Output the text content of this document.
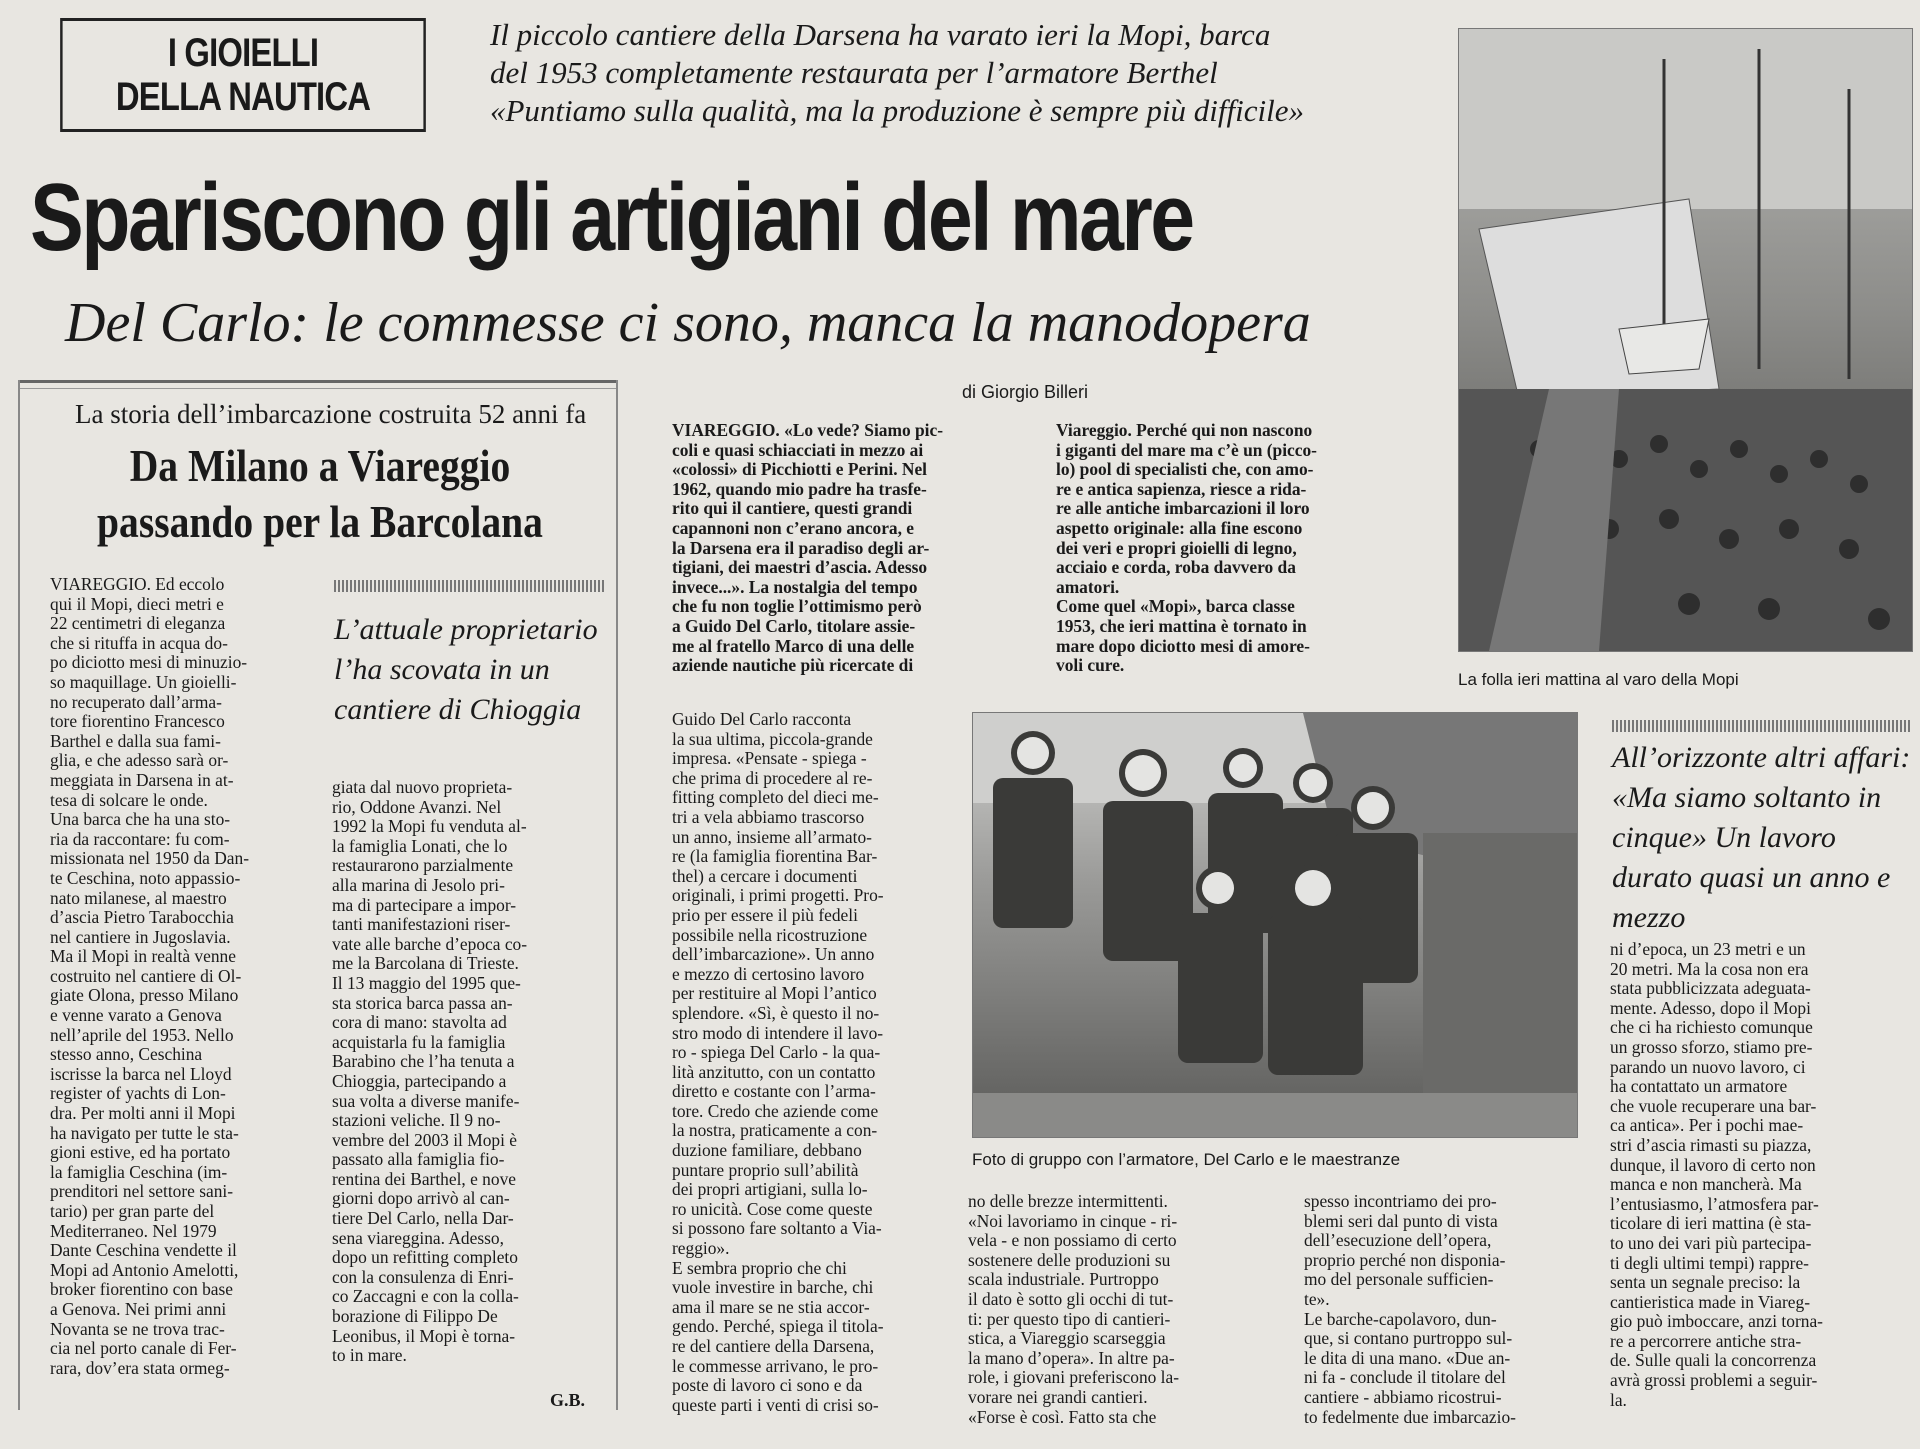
I GIOIELLI
DELLA NAUTICA
Il piccolo cantiere della Darsena ha varato ieri la Mopi, barca
del 1953 completamente restaurata per l’armatore Berthel
«Puntiamo sulla qualità, ma la produzione è sempre più difficile»
Spariscono gli artigiani del mare
Del Carlo: le commesse ci sono, manca la manodopera
La folla ieri mattina al varo della Mopi
di Giorgio Billeri
La storia dell’imbarcazione costruita 52 anni fa
Da Milano a Viareggio
passando per la Barcolana

VIAREGGIO. Ed eccolo

qui il Mopi, dieci metri e

22 centimetri di eleganza

che si rituffa in acqua do-

po diciotto mesi di minuzio-

so maquillage. Un gioielli-

no recuperato dall’arma-

tore fiorentino Francesco

Barthel e dalla sua fami-

glia, e che adesso sarà or-

meggiata in Darsena in at-

tesa di solcare le onde.

Una barca che ha una sto-

ria da raccontare: fu com-

missionata nel 1950 da Dan-

te Ceschina, noto appassio-

nato milanese, al maestro

d’ascia Pietro Tarabocchia

nel cantiere in Jugoslavia.

Ma il Mopi in realtà venne

costruito nel cantiere di Ol-

giate Olona, presso Milano

e venne varato a Genova

nell’aprile del 1953. Nello

stesso anno, Ceschina

iscrisse la barca nel Lloyd

register of yachts di Lon-

dra. Per molti anni il Mopi

ha navigato per tutte le sta-

gioni estive, ed ha portato

la famiglia Ceschina (im-

prenditori nel settore sani-

tario) per gran parte del

Mediterraneo. Nel 1979

Dante Ceschina vendette il

Mopi ad Antonio Amelotti,

broker fiorentino con base

a Genova. Nei primi anni

Novanta se ne trova trac-

cia nel porto canale di Fer-

rara, dov’era stata ormeg-

L’attuale proprietario l’ha scovata in un cantiere di Chioggia

giata dal nuovo proprieta-

rio, Oddone Avanzi. Nel

1992 la Mopi fu venduta al-

la famiglia Lonati, che lo

restaurarono parzialmente

alla marina di Jesolo pri-

ma di partecipare a impor-

tanti manifestazioni riser-

vate alle barche d’epoca co-

me la Barcolana di Trieste.

Il 13 maggio del 1995 que-

sta storica barca passa an-

cora di mano: stavolta ad

acquistarla fu la famiglia

Barabino che l’ha tenuta a

Chioggia, partecipando a

sua volta a diverse manife-

stazioni veliche. Il 9 no-

vembre del 2003 il Mopi è

passato alla famiglia fio-

rentina dei Barthel, e nove

giorni dopo arrivò al can-

tiere Del Carlo, nella Dar-

sena viareggina. Adesso,

dopo un refitting completo

con la consulenza di Enri-

co Zaccagni e con la colla-

borazione di Filippo De

Leonibus, il Mopi è torna-

to in mare.

G.B.

VIAREGGIO. «Lo vede? Siamo pic-

coli e quasi schiacciati in mezzo ai

«colossi» di Picchiotti e Perini. Nel

1962, quando mio padre ha trasfe-

rito qui il cantiere, questi grandi

capannoni non c’erano ancora, e

la Darsena era il paradiso degli ar-

tigiani, dei maestri d’ascia. Adesso

invece...». La nostalgia del tempo

che fu non toglie l’ottimismo però

a Guido Del Carlo, titolare assie-

me al fratello Marco di una delle

aziende nautiche più ricercate di

Viareggio. Perché qui non nascono

i giganti del mare ma c’è un (picco-

lo) pool di specialisti che, con amo-

re e antica sapienza, riesce a rida-

re alle antiche imbarcazioni il loro

aspetto originale: alla fine escono

dei veri e propri gioielli di legno,

acciaio e corda, roba davvero da

amatori.

Come quel «Mopi», barca classe

1953, che ieri mattina è tornato in

mare dopo diciotto mesi di amore-

voli cure.

Guido Del Carlo racconta

la sua ultima, piccola-grande

impresa. «Pensate - spiega -

che prima di procedere al re-

fitting completo del dieci me-

tri a vela abbiamo trascorso

un anno, insieme all’armato-

re (la famiglia fiorentina Bar-

thel) a cercare i documenti

originali, i primi progetti. Pro-

prio per essere il più fedeli

possibile nella ricostruzione

dell’imbarcazione». Un anno

e mezzo di certosino lavoro

per restituire al Mopi l’antico

splendore. «Sì, è questo il no-

stro modo di intendere il lavo-

ro - spiega Del Carlo - la qua-

lità anzitutto, con un contatto

diretto e costante con l’arma-

tore. Credo che aziende come

la nostra, praticamente a con-

duzione familiare, debbano

puntare proprio sull’abilità

dei propri artigiani, sulla lo-

ro unicità. Cose come queste

si possono fare soltanto a Via-

reggio».

E sembra proprio che chi

vuole investire in barche, chi

ama il mare se ne stia accor-

gendo. Perché, spiega il titola-

re del cantiere della Darsena,

le commesse arrivano, le pro-

poste di lavoro ci sono e da

queste parti i venti di crisi so-

Foto di gruppo con l’armatore, Del Carlo e le maestranze

no delle brezze intermittenti.

«Noi lavoriamo in cinque - ri-

vela - e non possiamo di certo

sostenere delle produzioni su

scala industriale. Purtroppo

il dato è sotto gli occhi di tut-

ti: per questo tipo di cantieri-

stica, a Viareggio scarseggia

la mano d’opera». In altre pa-

role, i giovani preferiscono la-

vorare nei grandi cantieri.

«Forse è così. Fatto sta che

spesso incontriamo dei pro-

blemi seri dal punto di vista

dell’esecuzione dell’opera,

proprio perché non disponia-

mo del personale sufficien-

te».

Le barche-capolavoro, dun-

que, si contano purtroppo sul-

le dita di una mano. «Due an-

ni fa - conclude il titolare del

cantiere - abbiamo ricostrui-

to fedelmente due imbarcazio-

All’orizzonte altri affari: «Ma siamo soltanto in cinque» Un lavoro durato quasi un anno e mezzo

ni d’epoca, un 23 metri e un

20 metri. Ma la cosa non era

stata pubblicizzata adeguata-

mente. Adesso, dopo il Mopi

che ci ha richiesto comunque

un grosso sforzo, stiamo pre-

parando un nuovo lavoro, ci

ha contattato un armatore

che vuole recuperare una bar-

ca antica». Per i pochi mae-

stri d’ascia rimasti su piazza,

dunque, il lavoro di certo non

manca e non mancherà. Ma

l’entusiasmo, l’atmosfera par-

ticolare di ieri mattina (è sta-

to uno dei vari più partecipa-

ti degli ultimi tempi) rappre-

senta un segnale preciso: la

cantieristica made in Viareg-

gio può imboccare, anzi torna-

re a percorrere antiche stra-

de. Sulle quali la concorrenza

avrà grossi problemi a seguir-

la.
